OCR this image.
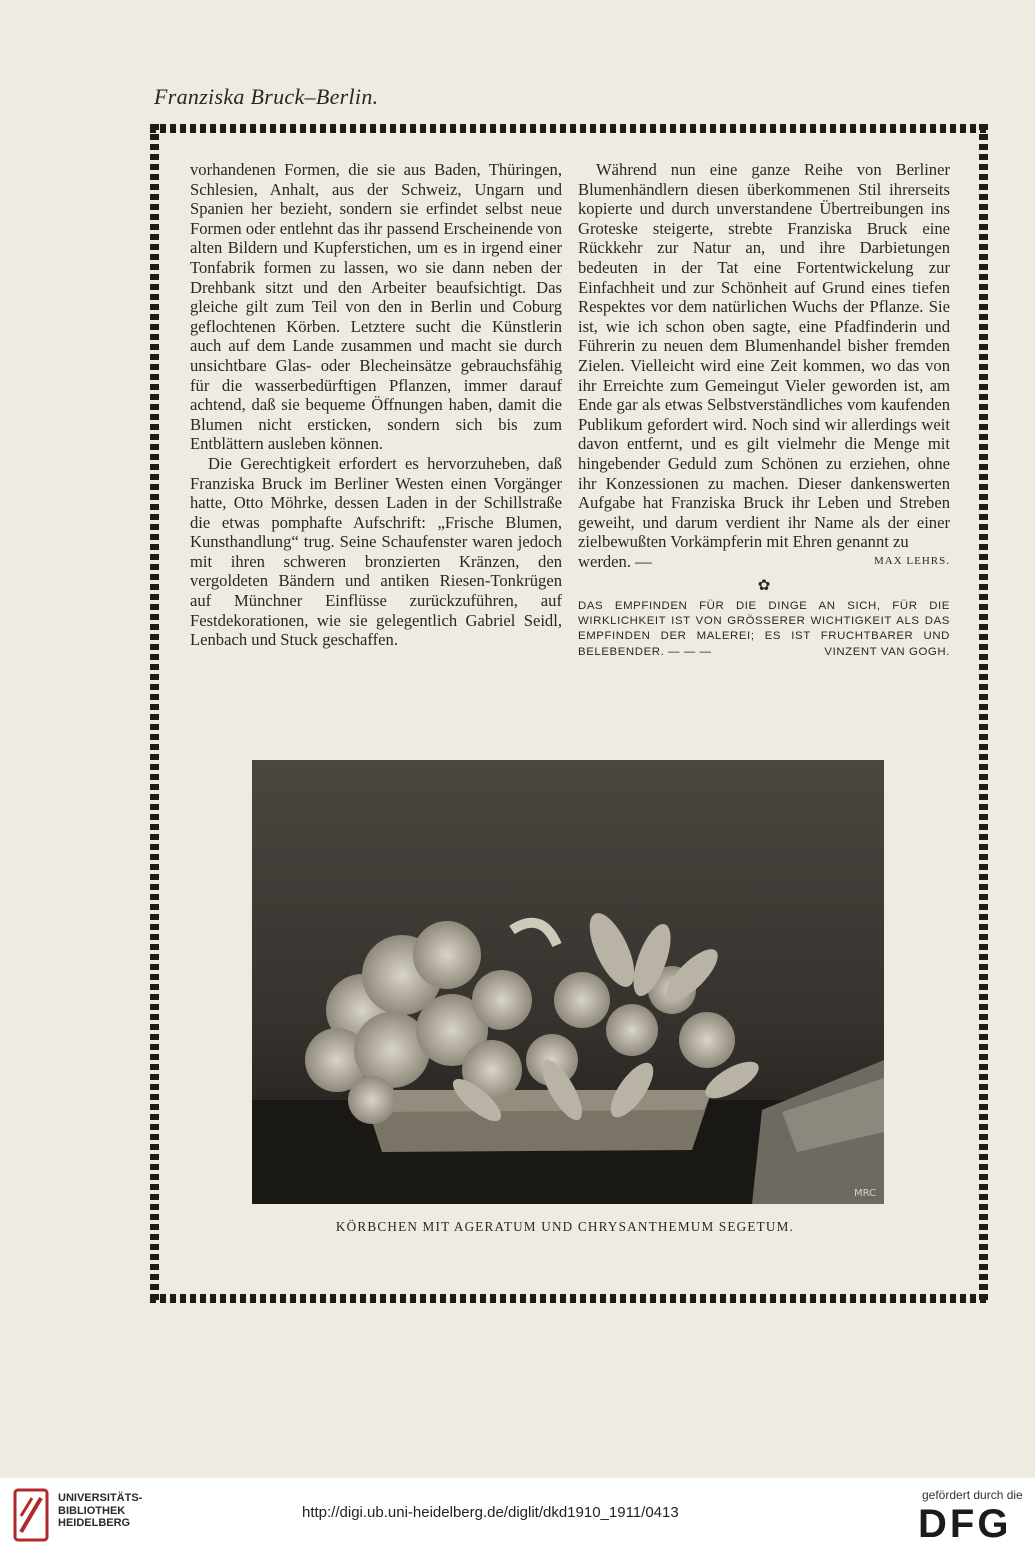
Franziska Bruck–Berlin.

vorhandenen Formen, die sie aus Baden, Thüringen, Schlesien, Anhalt, aus der Schweiz, Ungarn und Spanien her bezieht, sondern sie erfindet selbst neue Formen oder entlehnt das ihr passend Erscheinende von alten Bildern und Kupferstichen, um es in irgend einer Tonfabrik formen zu lassen, wo sie dann neben der Drehbank sitzt und den Arbeiter beaufsichtigt. Das gleiche gilt zum Teil von den in Berlin und Coburg geflochtenen Körben. Letztere sucht die Künstlerin auch auf dem Lande zusammen und macht sie durch unsichtbare Glas- oder Blecheinsätze gebrauchsfähig für die wasserbedürftigen Pflanzen, immer darauf achtend, daß sie bequeme Öffnungen haben, damit die Blumen nicht ersticken, sondern sich bis zum Entblättern ausleben können.

Die Gerechtigkeit erfordert es hervorzuheben, daß Franziska Bruck im Berliner Westen einen Vorgänger hatte, Otto Möhrke, dessen Laden in der Schillstraße die etwas pomphafte Aufschrift: „Frische Blumen, Kunsthandlung“ trug. Seine Schaufenster waren jedoch mit ihren schweren bronzierten Kränzen, den vergoldeten Bändern und antiken Riesen-Tonkrügen auf Münchner Einflüsse zurückzuführen, auf Festdekorationen, wie sie gelegentlich Gabriel Seidl, Lenbach und Stuck geschaffen.

Während nun eine ganze Reihe von Berliner Blumenhändlern diesen überkommenen Stil ihrerseits kopierte und durch unverstandene Übertreibungen ins Groteske steigerte, strebte Franziska Bruck eine Rückkehr zur Natur an, und ihre Darbietungen bedeuten in der Tat eine Fortentwickelung zur Einfachheit und zur Schönheit auf Grund eines tiefen Respektes vor dem natürlichen Wuchs der Pflanze. Sie ist, wie ich schon oben sagte, eine Pfadfinderin und Führerin zu neuen dem Blumenhandel bisher fremden Zielen. Vielleicht wird eine Zeit kommen, wo das von ihr Erreichte zum Gemeingut Vieler geworden ist, am Ende gar als etwas Selbstverständliches vom kaufenden Publikum gefordert wird. Noch sind wir allerdings weit davon entfernt, und es gilt vielmehr die Menge mit hingebender Geduld zum Schönen zu erziehen, ohne ihr Konzessionen zu machen. Dieser dankenswerten Aufgabe hat Franziska Bruck ihr Leben und Streben geweiht, und darum verdient ihr Name als der einer zielbewußten Vorkämpferin mit Ehren genannt zu

werden. —	MAX LEHRS.
✿
DAS EMPFINDEN FÜR DIE DINGE AN SICH, FÜR DIE WIRKLICHKEIT IST VON GRÖSSERER WICHTIGKEIT ALS DAS EMPFINDEN DER MALEREI; ES IST FRUCHTBARER UND BELEBENDER. — — —	VINZENT VAN GOGH.
MRC
KÖRBCHEN MIT AGERATUM UND CHRYSANTHEMUM SEGETUM.
UNIVERSITÄTS-
BIBLIOTHEK
HEIDELBERG
http://digi.ub.uni-heidelberg.de/diglit/dkd1910_1911/0413
gefördert durch die
DFG
